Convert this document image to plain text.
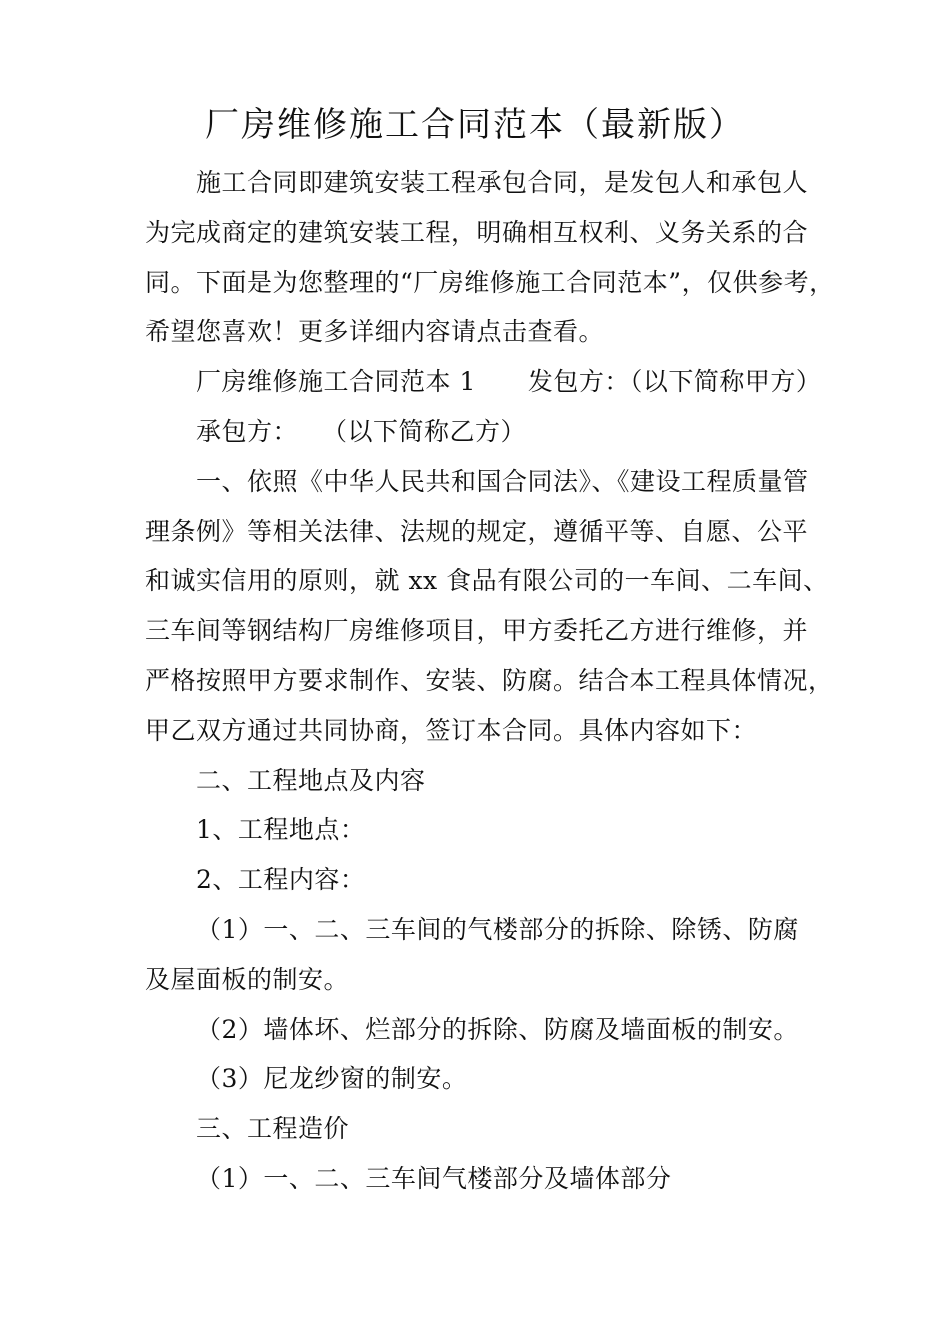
厂房维修施工合同范本（最新版）
施工合同即建筑安装工程承包合同，是发包人和承包人
为完成商定的建筑安装工程，明确相互权利、义务关系的合
同。下面是为您整理的“厂房维修施工合同范本”，仅供参考，
希望您喜欢！更多详细内容请点击查看。
厂房维修施工合同范本 1 发包方：（以下简称甲方）
承包方： （以下简称乙方）
一、依照《中华人民共和国合同法》、《建设工程质量管
理条例》等相关法律、法规的规定，遵循平等、自愿、公平
和诚实信用的原则，就 xx 食品有限公司的一车间、二车间、
三车间等钢结构厂房维修项目，甲方委托乙方进行维修，并
严格按照甲方要求制作、安装、防腐。结合本工程具体情况，
甲乙双方通过共同协商，签订本合同。具体内容如下：
二、工程地点及内容
1、工程地点：
2、工程内容：
（1）一、二、三车间的气楼部分的拆除、除锈、防腐
及屋面板的制安。
（2）墙体坏、烂部分的拆除、防腐及墙面板的制安。
（3）尼龙纱窗的制安。
三、工程造价
（1）一、二、三车间气楼部分及墙体部分
